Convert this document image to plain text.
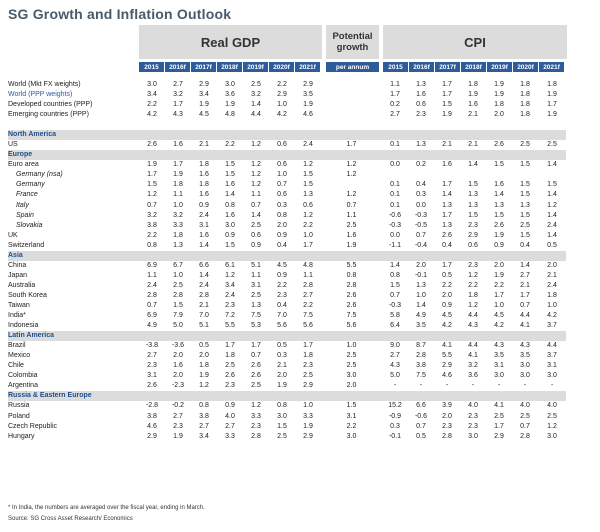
SG Growth and Inflation Outlook
Real GDP	Potential
growth	CPI
2015	2016f	2017f	2018f	2019f	2020f	2021f	per annum	2015	2016f	2017f	2018f	2019f	2020f	2021f
World (Mkt FX weights)	3.0	2.7	2.9	3.0	2.5	2.2	2.9				1.1	1.3	1.7	1.8	1.9	1.8	1.8
World (PPP weights)	3.4	3.2	3.4	3.6	3.2	2.9	3.5				1.7	1.6	1.7	1.9	1.9	1.8	1.9
Developed countries (PPP)	2.2	1.7	1.9	1.9	1.4	1.0	1.9				0.2	0.6	1.5	1.6	1.8	1.8	1.7
Emerging countries (PPP)	4.2	4.3	4.5	4.8	4.4	4.2	4.6				2.7	2.3	1.9	2.1	2.0	1.8	1.9

North America																	
US	2.6	1.6	2.1	2.2	1.2	0.6	2.4		1.7		0.1	1.3	2.1	2.1	2.6	2.5	2.5
Europe																	
Euro area	1.9	1.7	1.8	1.5	1.2	0.6	1.2		1.2		0.0	0.2	1.6	1.4	1.5	1.5	1.4
Germany (nsa)	1.7	1.9	1.6	1.5	1.2	1.0	1.5		1.2								
Germany	1.5	1.8	1.8	1.6	1.2	0.7	1.5				0.1	0.4	1.7	1.5	1.6	1.5	1.5
France	1.2	1.1	1.6	1.4	1.1	0.6	1.3		1.2		0.1	0.3	1.4	1.3	1.4	1.5	1.4
Italy	0.7	1.0	0.9	0.8	0.7	0.3	0.6		0.7		0.1	0.0	1.3	1.3	1.3	1.3	1.2
Spain	3.2	3.2	2.4	1.6	1.4	0.8	1.2		1.1		-0.6	-0.3	1.7	1.5	1.5	1.5	1.4
Slovakia	3.8	3.3	3.1	3.0	2.5	2.0	2.2		2.5		-0.3	-0.5	1.3	2.3	2.6	2.5	2.4
UK	2.2	1.8	1.6	0.9	0.6	0.9	1.0		1.6		0.0	0.7	2.6	2.9	1.9	1.5	1.4
Switzerland	0.8	1.3	1.4	1.5	0.9	0.4	1.7		1.9		-1.1	-0.4	0.4	0.6	0.9	0.4	0.5
Asia																	
China	6.9	6.7	6.6	6.1	5.1	4.5	4.8		5.5		1.4	2.0	1.7	2.3	2.0	1.4	2.0
Japan	1.1	1.0	1.4	1.2	1.1	0.9	1.1		0.8		0.8	-0.1	0.5	1.2	1.9	2.7	2.1
Australia	2.4	2.5	2.4	3.4	3.1	2.2	2.8		2.8		1.5	1.3	2.2	2.2	2.2	2.1	2.4
South Korea	2.8	2.8	2.8	2.4	2.5	2.3	2.7		2.6		0.7	1.0	2.0	1.8	1.7	1.7	1.8
Taiwan	0.7	1.5	2.1	2.3	1.3	0.4	2.2		2.6		-0.3	1.4	0.9	1.2	1.0	0.7	1.0
India*	6.9	7.9	7.0	7.2	7.5	7.0	7.5		7.5		5.8	4.9	4.5	4.4	4.5	4.4	4.2
Indonesia	4.9	5.0	5.1	5.5	5.3	5.6	5.6		5.6		6.4	3.5	4.2	4.3	4.2	4.1	3.7
Latin America																	
Brazil	-3.8	-3.6	0.5	1.7	1.7	0.5	1.7		1.0		9.0	8.7	4.1	4.4	4.3	4.3	4.4
Mexico	2.7	2.0	2.0	1.8	0.7	0.3	1.8		2.5		2.7	2.8	5.5	4.1	3.5	3.5	3.7
Chile	2.3	1.6	1.8	2.5	2.6	2.1	2.3		2.5		4.3	3.8	2.9	3.2	3.1	3.0	3.1
Colombia	3.1	2.0	1.9	2.6	2.6	2.0	2.5		3.0		5.0	7.5	4.6	3.6	3.0	3.0	3.0
Argentina	2.6	-2.3	1.2	2.3	2.5	1.9	2.9		2.0		-	-	-	-	-	-	-
Russia & Eastern Europe																	
Russia	-2.8	-0.2	0.8	0.9	1.2	0.8	1.0		1.5		15.2	6.6	3.9	4.0	4.1	4.0	4.0
Poland	3.8	2.7	3.8	4.0	3.3	3.0	3.3		3.1		-0.9	-0.6	2.0	2.3	2.5	2.5	2.5
Czech Republic	4.6	2.3	2.7	2.7	2.3	1.5	1.9		2.2		0.3	0.7	2.3	2.3	1.7	0.7	1.2
Hungary	2.9	1.9	3.4	3.3	2.8	2.5	2.9		3.0		-0.1	0.5	2.8	3.0	2.9	2.8	3.0
* In India, the numbers are averaged over the fiscal year, ending in March.
Source: SG Cross Asset Research/ Economics
